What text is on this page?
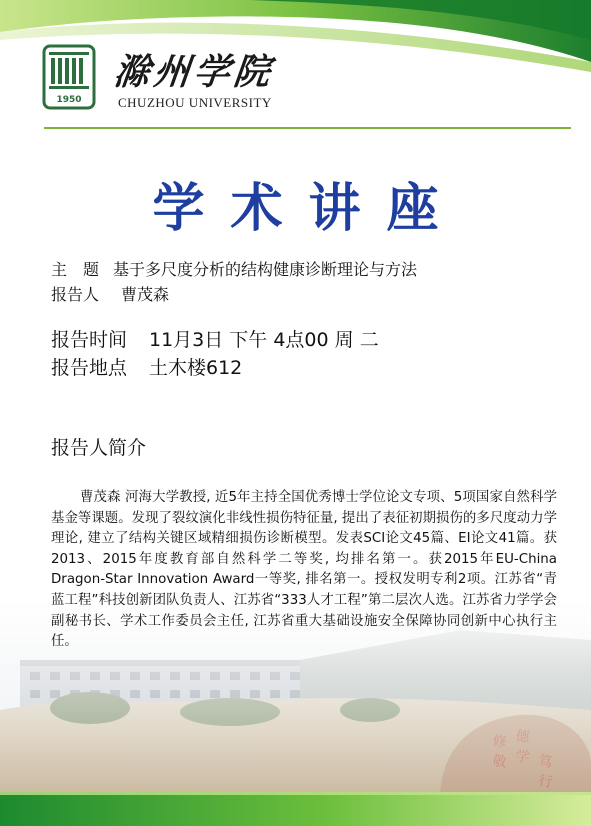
1950
滁州学院
CHUZHOU UNIVERSITY
学术讲座
主　题 基于多尺度分析的结构健康诊断理论与方法
报告人 曹茂森
报告时间 11月3日 下午 4点00 周 二
报告地点 土木楼612
报告人简介
曹茂森 河海大学教授, 近5年主持全国优秀博士学位论文专项、5项国家自然科学基金等课题。发现了裂纹演化非线性损伤特征量, 提出了表征初期损伤的多尺度动力学理论, 建立了结构关键区域精细损伤诊断模型。发表SCI论文45篇、EI论文41篇。获2013、2015年度教育部自然科学二等奖, 均排名第一。获2015年EU-China Dragon-Star Innovation Award一等奖, 排名第一。授权发明专利2项。江苏省“青蓝工程”科技创新团队负责人、江苏省“333人才工程”第二层次人选。江苏省力学学会副秘书长、学术工作委员会主任, 江苏省重大基础设施安全保障协同创新中心执行主任。
